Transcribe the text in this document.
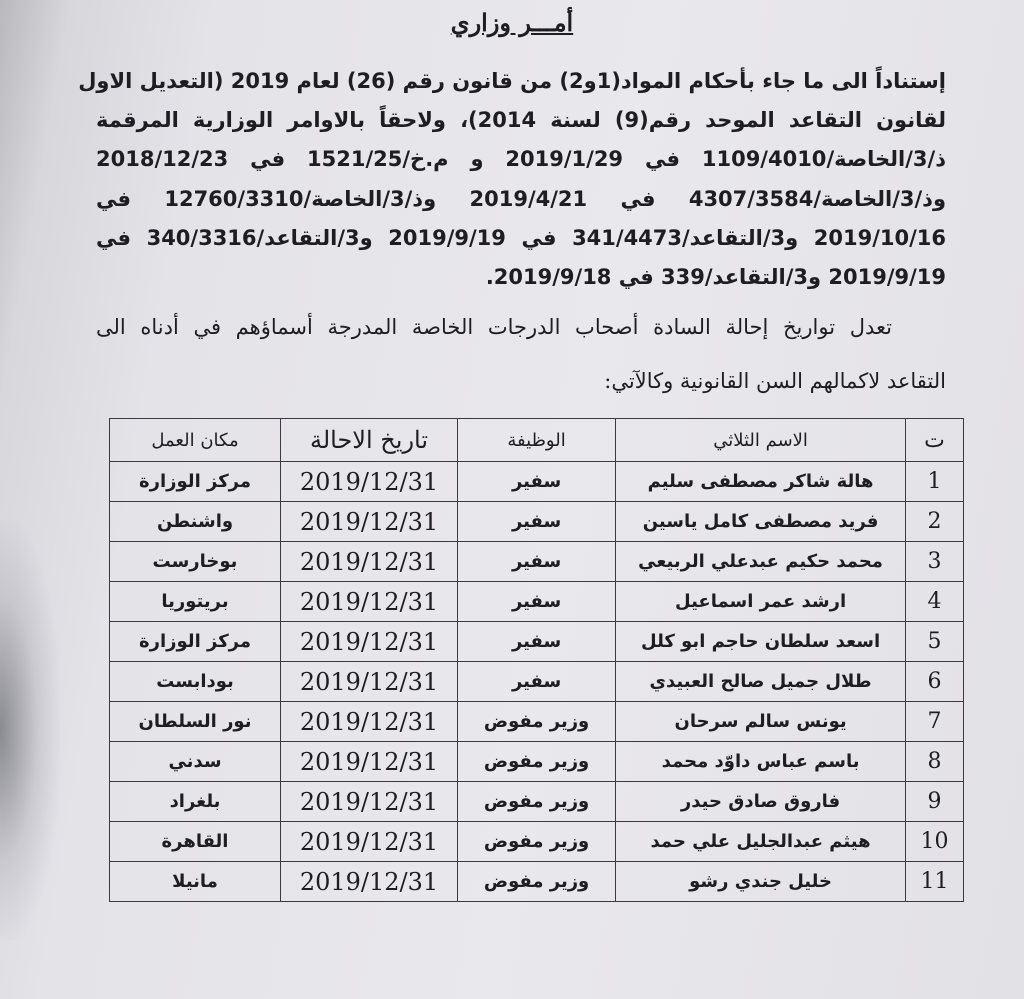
أمـــر وزاري
إستناداً الى ما جاء بأحكام المواد(1و2) من قانون رقم (26) لعام 2019 (التعديل الاول
لقانون التقاعد الموحد رقم(9) لسنة 2014)، ولاحقاً بالاوامر الوزارية المرقمة
ذ/3/الخاصة/1109/4010 في 2019/1/29 و م.خ/1521/25 في 2018/12/23
وذ/3/الخاصة/4307/3584 في 2019/4/21 وذ/3/الخاصة/12760/3310 في
2019/10/16 و3/التقاعد/341/4473 في 2019/9/19 و3/التقاعد/340/3316 في
2019/9/19 و3/التقاعد/339 في 2019/9/18.
تعدل تواريخ إحالة السادة أصحاب الدرجات الخاصة المدرجة أسماؤهم في أدناه الى
التقاعد لاكمالهم السن القانونية وكالآتي:
ت	الاسم الثلاثي	الوظيفة	تاريخ الاحالة	مكان العمل
1	هالة شاكر مصطفى سليم	سفير	2019/12/31	مركز الوزارة
2	فريد مصطفى كامل ياسين	سفير	2019/12/31	واشنطن
3	محمد حكيم عبدعلي الربيعي	سفير	2019/12/31	بوخارست
4	ارشد عمر اسماعيل	سفير	2019/12/31	بريتوريا
5	اسعد سلطان حاجم ابو كلل	سفير	2019/12/31	مركز الوزارة
6	طلال جميل صالح العبيدي	سفير	2019/12/31	بودابست
7	يونس سالم سرحان	وزير مفوض	2019/12/31	نور السلطان
8	باسم عباس داوّد محمد	وزير مفوض	2019/12/31	سدني
9	فاروق صادق حيدر	وزير مفوض	2019/12/31	بلغراد
10	هيثم عبدالجليل علي حمد	وزير مفوض	2019/12/31	القاهرة
11	خليل جندي رشو	وزير مفوض	2019/12/31	مانيلا
